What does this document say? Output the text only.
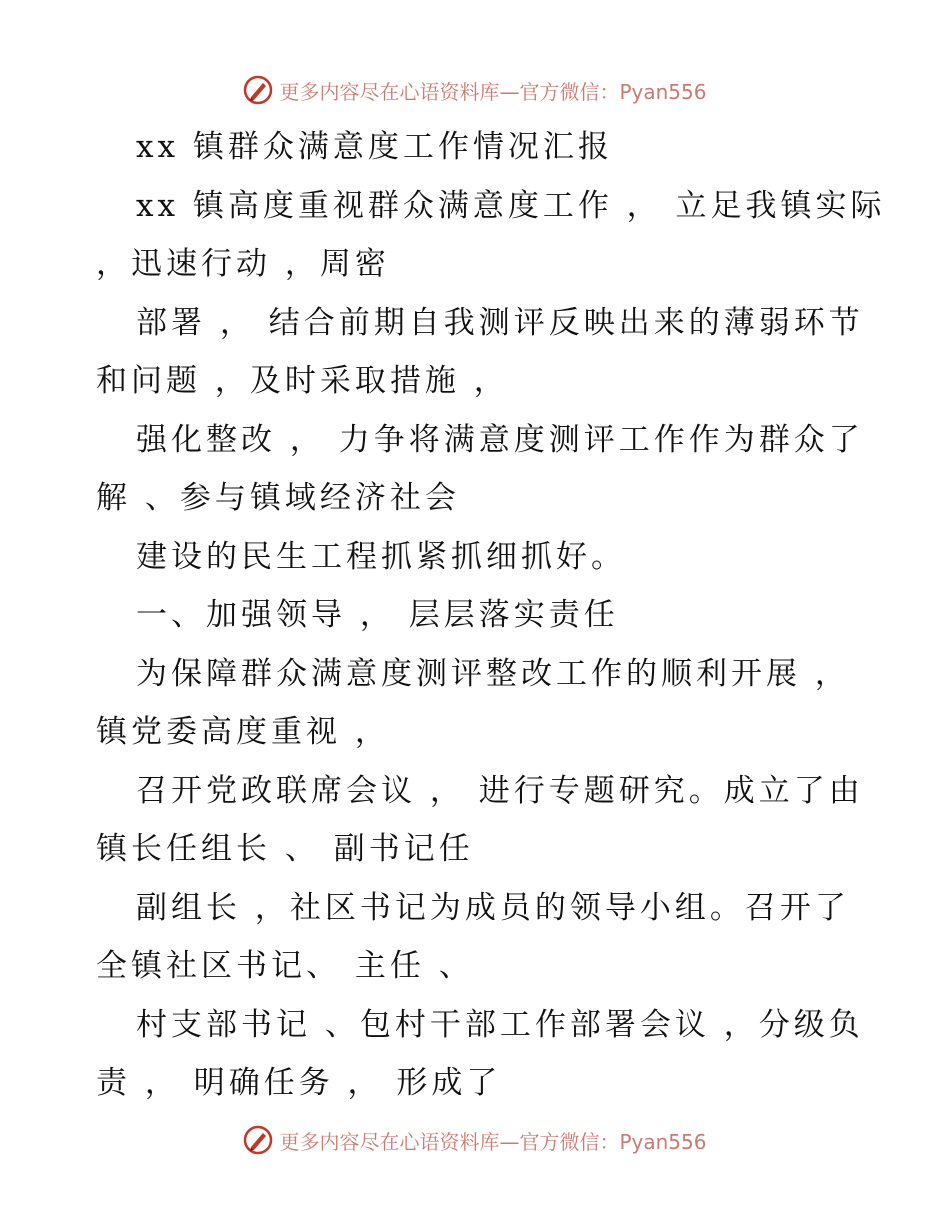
更多内容尽在心语资料库—官方微信：Pyan556
xx 镇群众满意度工作情况汇报
xx 镇高度重视群众满意度工作 ， 立足我镇实际
，迅速行动 ，周密
部署 ， 结合前期自我测评反映出来的薄弱环节
和问题 ，及时采取措施 ，
强化整改 ， 力争将满意度测评工作作为群众了
解 、参与镇域经济社会
建设的民生工程抓紧抓细抓好。
一、加强领导 ， 层层落实责任
为保障群众满意度测评整改工作的顺利开展 ，
镇党委高度重视 ，
召开党政联席会议 ， 进行专题研究。成立了由
镇长任组长 、 副书记任
副组长 ，社区书记为成员的领导小组。召开了
全镇社区书记、 主任 、
村支部书记 、包村干部工作部署会议 ，分级负
责 ， 明确任务 ， 形成了
更多内容尽在心语资料库—官方微信：Pyan556
